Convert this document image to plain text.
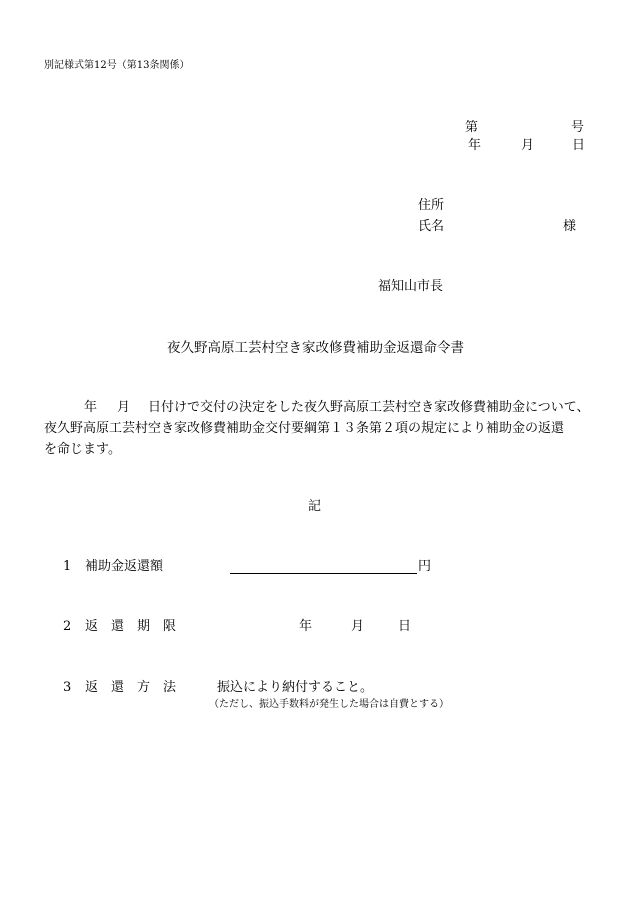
別記様式第12号（第13条関係）
第	号
年	月	日
住所
氏名	様
福知山市長
夜久野高原工芸村空き家改修費補助金返還命令書
年 月 日付けで交付の決定をした夜久野高原工芸村空き家改修費補助金について、
夜久野高原工芸村空き家改修費補助金交付要綱第１３条第２項の規定により補助金の返還
を命じます。
記
1 補助金返還額	円
2 返　還　期　限	年	月	日
3 返　還　方　法	振込により納付すること。
（ただし、振込手数料が発生した場合は自費とする）
